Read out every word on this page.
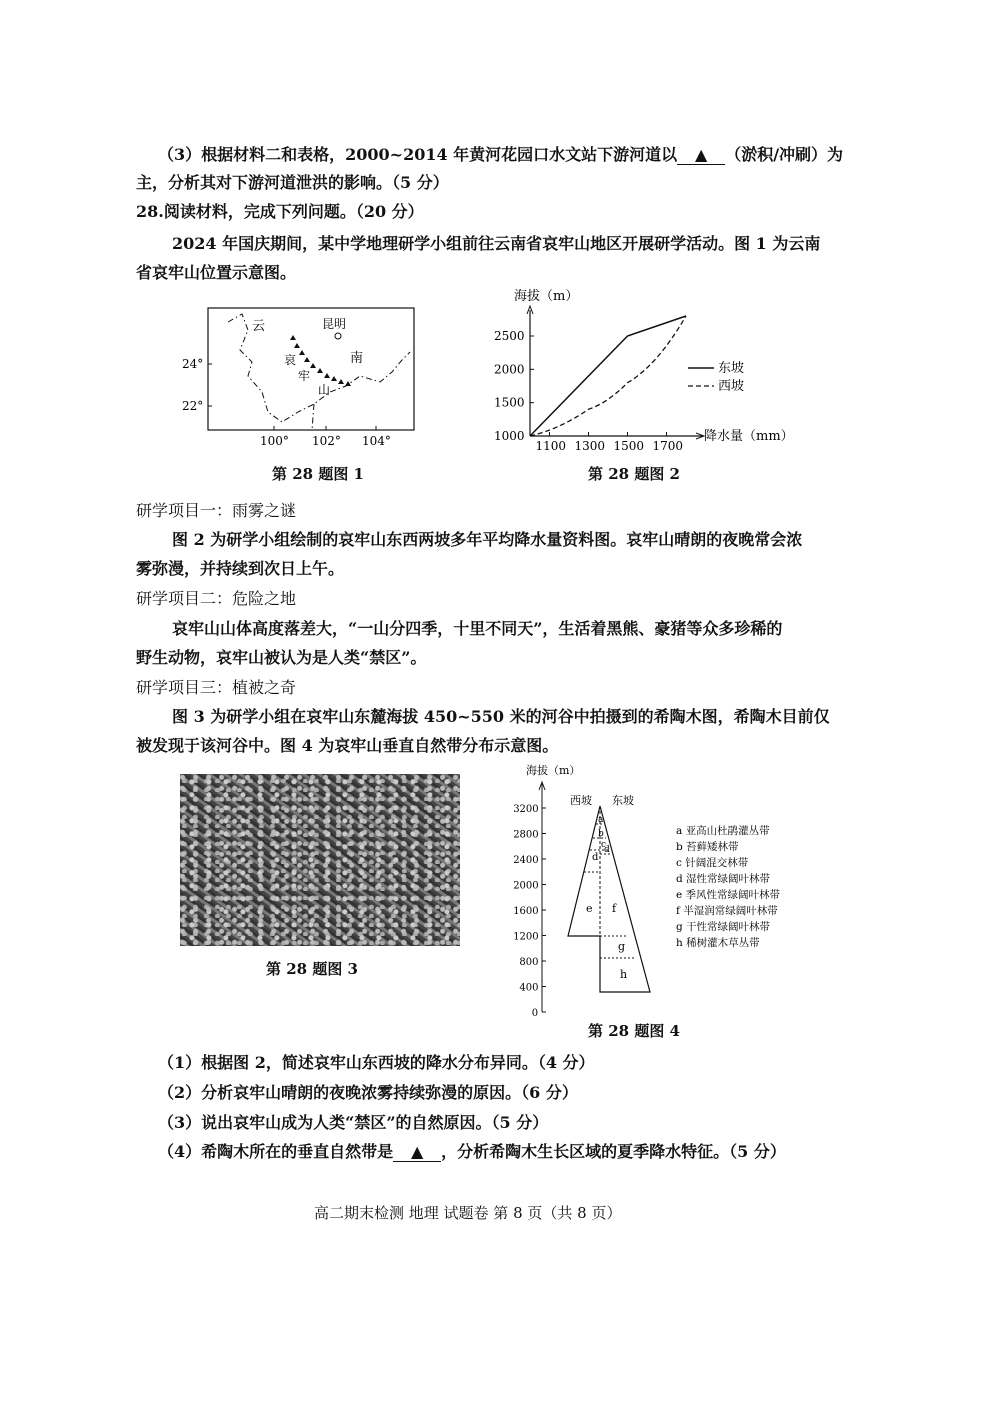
（3）根据材料二和表格，2000~2014 年黄河花园口水文站下游河道以 ▲ （淤积/冲刷）为
主，分析其对下游河道泄洪的影响。（5 分）
28.阅读材料，完成下列问题。（20 分）
2024 年国庆期间，某中学地理研学小组前往云南省哀牢山地区开展研学活动。图 1 为云南
省哀牢山位置示意图。
云	昆明
南
哀
牢
山
24°
22°
100° 102° 104°
第 28 题图 1
海拔（m）
降水量（mm）
2500
2000
1500
1000
1100 1300 1500 1700
东坡
西坡
第 28 题图 2
研学项目一：雨雾之谜
图 2 为研学小组绘制的哀牢山东西两坡多年平均降水量资料图。哀牢山晴朗的夜晚常会浓
雾弥漫，并持续到次日上午。
研学项目二：危险之地
哀牢山山体高度落差大，“一山分四季，十里不同天”，生活着黑熊、豪猪等众多珍稀的
野生动物，哀牢山被认为是人类“禁区”。
研学项目三：植被之奇
图 3 为研学小组在哀牢山东麓海拔 450~550 米的河谷中拍摄到的希陶木图，希陶木目前仅
被发现于该河谷中。图 4 为哀牢山垂直自然带分布示意图。
第 28 题图 3
海拔（m）
3200
2800
2400
2000
1600
1200
800
400
0
西坡 东坡
a
b
c
d
d
e f
g
h
a 亚高山杜鹃灌丛带
b 苔藓矮林带
c 针阔混交林带
d 湿性常绿阔叶林带
e 季风性常绿阔叶林带
f 半湿润常绿阔叶林带
g 干性常绿阔叶林带
h 稀树灌木草丛带
第 28 题图 4
（1）根据图 2，简述哀牢山东西坡的降水分布异同。（4 分）
（2）分析哀牢山晴朗的夜晚浓雾持续弥漫的原因。（6 分）
（3）说出哀牢山成为人类“禁区”的自然原因。（5 分）
（4）希陶木所在的垂直自然带是 ▲ ，分析希陶木生长区域的夏季降水特征。（5 分）
高二期末检测 地理 试题卷 第 8 页（共 8 页）
